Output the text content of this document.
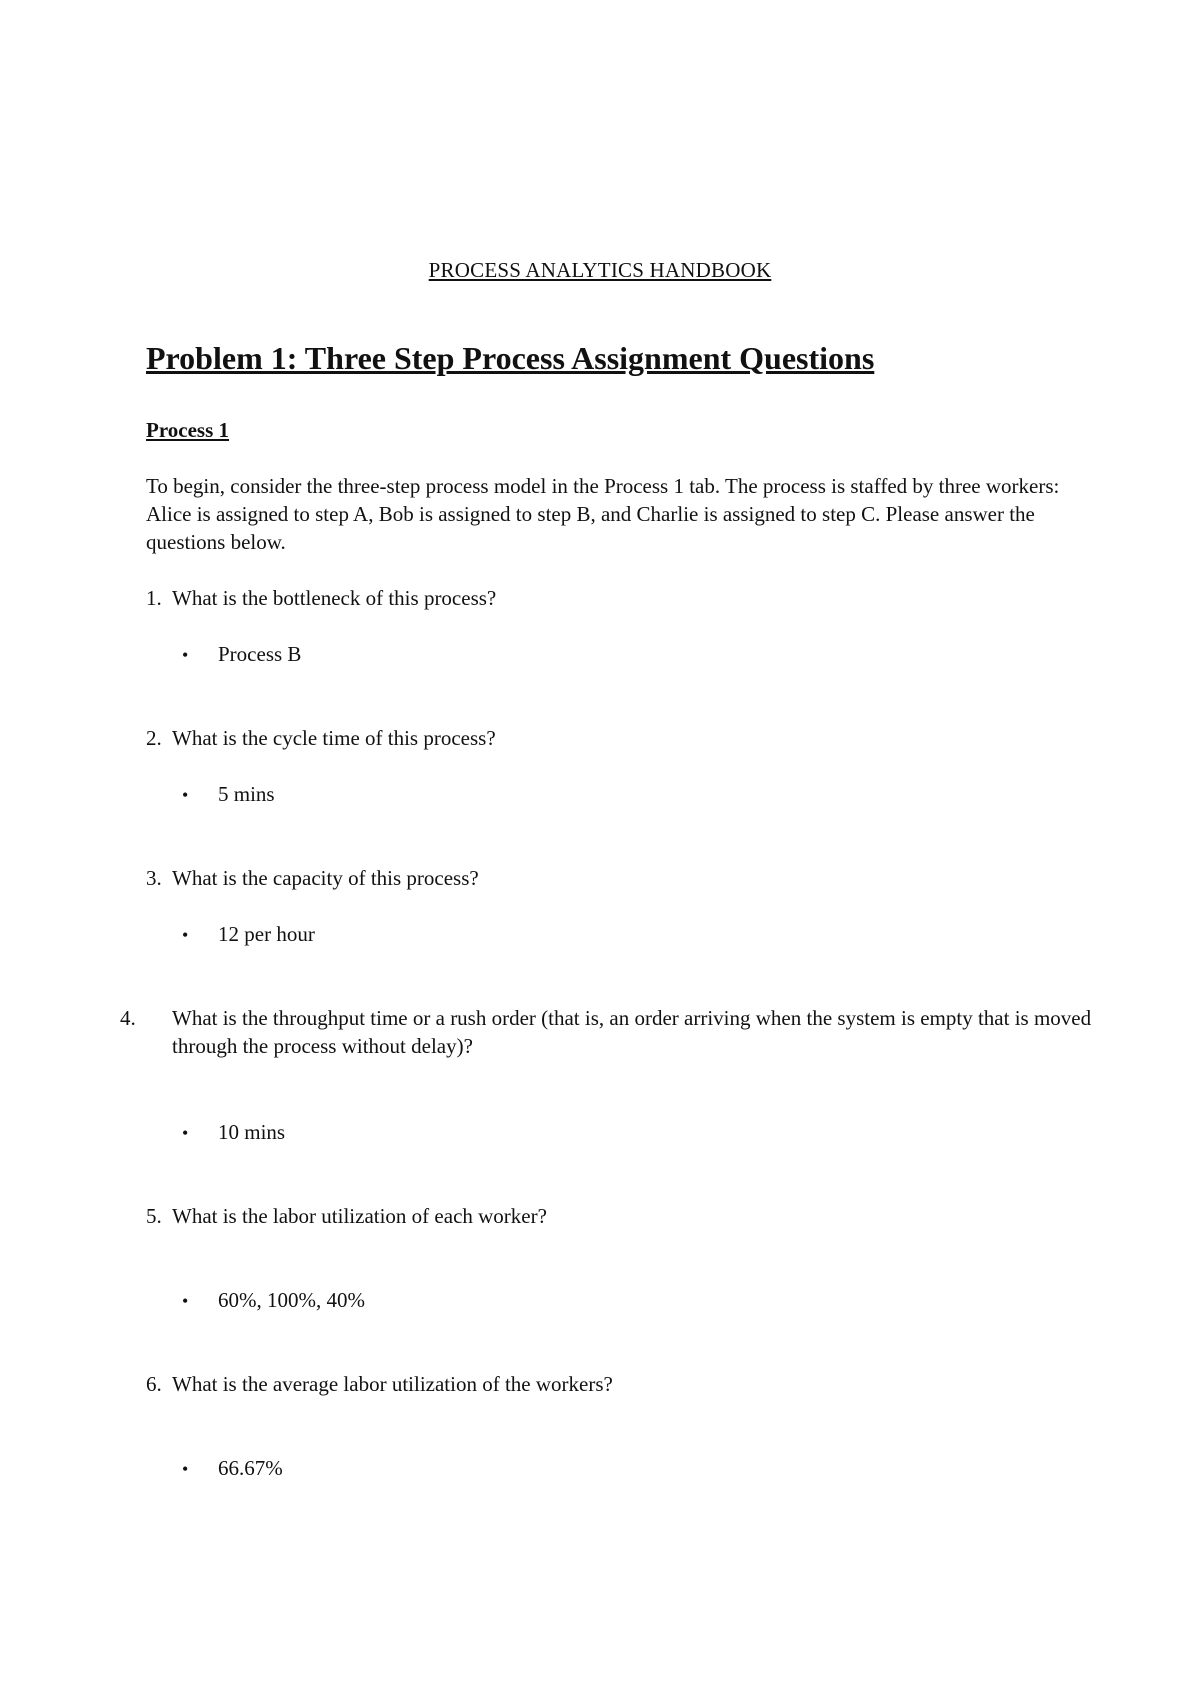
PROCESS ANALYTICS HANDBOOK
Problem 1: Three Step Process Assignment Questions
Process 1
To begin, consider the three-step process model in the Process 1 tab. The process is staffed by three workers: Alice is assigned to step A, Bob is assigned to step B, and Charlie is assigned to step C. Please answer the questions below.
1. What is the bottleneck of this process?
• Process B
2. What is the cycle time of this process?
• 5 mins
3. What is the capacity of this process?
• 12 per hour
4. What is the throughput time or a rush order (that is, an order arriving when the system is empty that is moved through the process without delay)?
• 10 mins
5. What is the labor utilization of each worker?
• 60%, 100%, 40%
6. What is the average labor utilization of the workers?
• 66.67%
